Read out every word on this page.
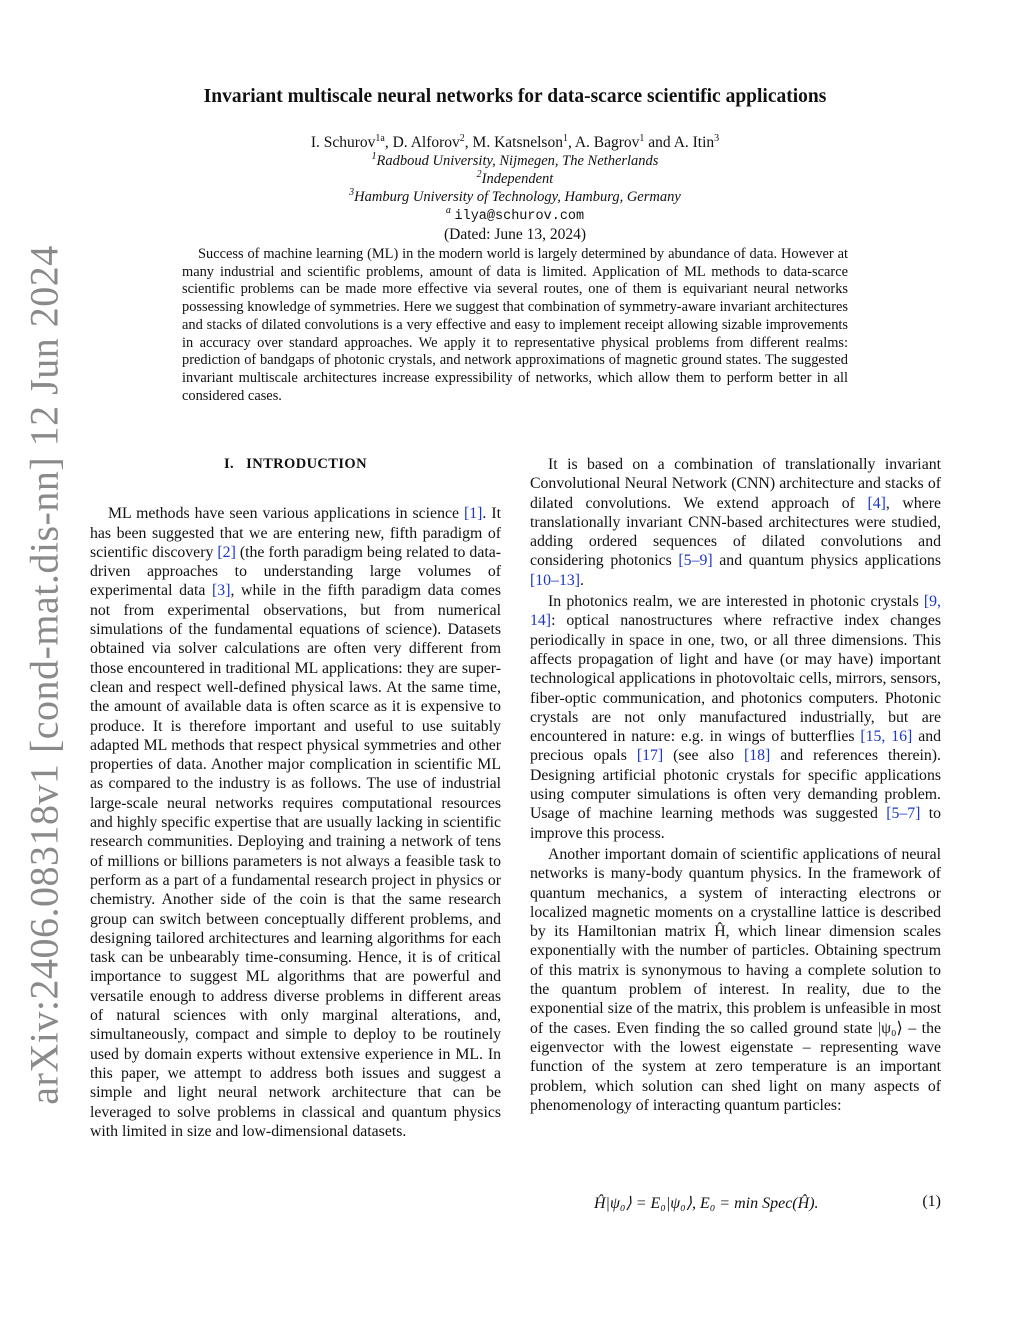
arXiv:2406.08318v1 [cond-mat.dis-nn] 12 Jun 2024
Invariant multiscale neural networks for data-scarce scientific applications
I. Schurov$^{1a}$, D. Alforov$^2$, M. Katsnelson$^1$, A. Bagrov$^1$ and A. Itin$^3$
$^1$Radboud University, Nijmegen, The Netherlands
$^2$Independent
$^3$Hamburg University of Technology, Hamburg, Germany
$^a$ ilya@schurov.com
(Dated: June 13, 2024)
Success of machine learning (ML) in the modern world is largely determined by abundance of data. However at many industrial and scientific problems, amount of data is limited. Application of ML methods to data-scarce scientific problems can be made more effective via several routes, one of them is equivariant neural networks possessing knowledge of symmetries. Here we suggest that combination of symmetry-aware invariant architectures and stacks of dilated convolutions is a very effective and easy to implement receipt allowing sizable improvements in accuracy over standard approaches. We apply it to representative physical problems from different realms: prediction of bandgaps of photonic crystals, and network approximations of magnetic ground states. The suggested invariant multiscale architectures increase expressibility of networks, which allow them to perform better in all considered cases.
I. INTRODUCTION

ML methods have seen various applications in science [1]. It has been suggested that we are entering new, fifth paradigm of scientific discovery [2] (the forth paradigm being related to data-driven approaches to understanding large volumes of experimental data [3], while in the fifth paradigm data comes not from experimental observations, but from numerical simulations of the fundamental equations of science). Datasets obtained via solver calculations are often very different from those encountered in traditional ML applications: they are super-clean and respect well-defined physical laws. At the same time, the amount of available data is often scarce as it is expensive to produce. It is therefore important and useful to use suitably adapted ML methods that respect physical symmetries and other properties of data. Another major complication in scientific ML as compared to the industry is as follows. The use of industrial large-scale neural networks requires computational resources and highly specific expertise that are usually lacking in scientific research communities. Deploying and training a network of tens of millions or billions parameters is not always a feasible task to perform as a part of a fundamental research project in physics or chemistry. Another side of the coin is that the same research group can switch between conceptually different problems, and designing tailored architectures and learning algorithms for each task can be unbearably time-consuming. Hence, it is of critical importance to suggest ML algorithms that are powerful and versatile enough to address diverse problems in different areas of natural sciences with only marginal alterations, and, simultaneously, compact and simple to deploy to be routinely used by domain experts without extensive experience in ML. In this paper, we attempt to address both issues and suggest a simple and light neural network architecture that can be leveraged to solve problems in classical and quantum physics with limited in size and low-dimensional datasets.

It is based on a combination of translationally invariant Convolutional Neural Network (CNN) architecture and stacks of dilated convolutions. We extend approach of [4], where translationally invariant CNN-based architectures were studied, adding ordered sequences of dilated convolutions and considering photonics [5–9] and quantum physics applications [10–13].

In photonics realm, we are interested in photonic crystals [9, 14]: optical nanostructures where refractive index changes periodically in space in one, two, or all three dimensions. This affects propagation of light and have (or may have) important technological applications in photovoltaic cells, mirrors, sensors, fiber-optic communication, and photonics computers. Photonic crystals are not only manufactured industrially, but are encountered in nature: e.g. in wings of butterflies [15, 16] and precious opals [17] (see also [18] and references therein). Designing artificial photonic crystals for specific applications using computer simulations is often very demanding problem. Usage of machine learning methods was suggested [5–7] to improve this process.

Another important domain of scientific applications of neural networks is many-body quantum physics. In the framework of quantum mechanics, a system of interacting electrons or localized magnetic moments on a crystalline lattice is described by its Hamiltonian matrix Ĥ, which linear dimension scales exponentially with the number of particles. Obtaining spectrum of this matrix is synonymous to having a complete solution to the quantum problem of interest. In reality, due to the exponential size of the matrix, this problem is unfeasible in most of the cases. Even finding the so called ground state |ψ₀⟩ – the eigenvector with the lowest eigenstate – representing wave function of the system at zero temperature is an important problem, which solution can shed light on many aspects of phenomenology of interacting quantum particles:

Ĥ|ψ₀⟩ = E₀|ψ₀⟩, E₀ = min Spec(Ĥ).	(1)
